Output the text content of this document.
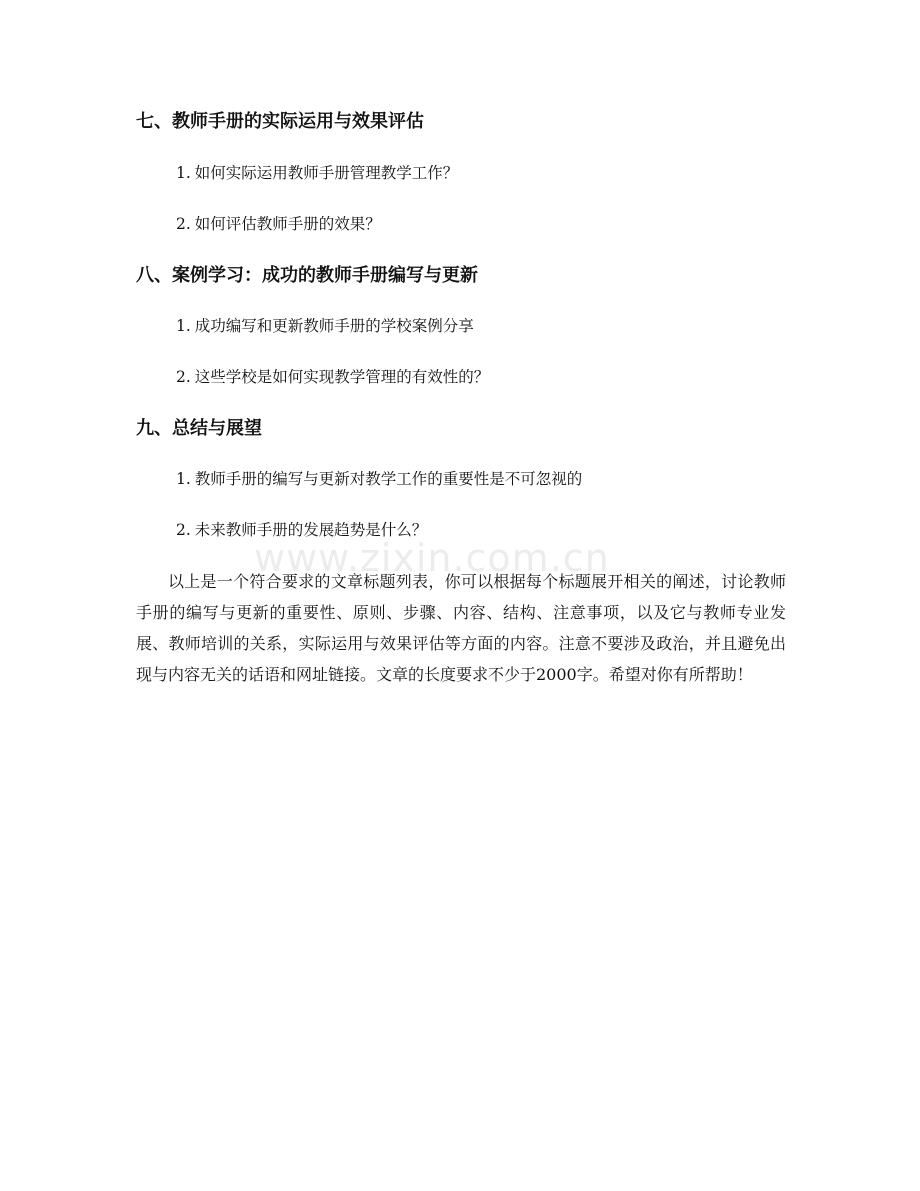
七、教师手册的实际运用与效果评估
1. 如何实际运用教师手册管理教学工作？
2. 如何评估教师手册的效果？
八、案例学习：成功的教师手册编写与更新
1. 成功编写和更新教师手册的学校案例分享
2. 这些学校是如何实现教学管理的有效性的？
九、总结与展望
1. 教师手册的编写与更新对教学工作的重要性是不可忽视的
2. 未来教师手册的发展趋势是什么？
www.zixin.com.cn

以上是一个符合要求的文章标题列表，你可以根据每个标题展开相关的阐述，讨论教师手册的编写与更新的重要性、原则、步骤、内容、结构、注意事项，以及它与教师专业发展、教师培训的关系，实际运用与效果评估等方面的内容。注意不要涉及政治，并且避免出现与内容无关的话语和网址链接。文章的长度要求不少于2000字。希望对你有所帮助！
